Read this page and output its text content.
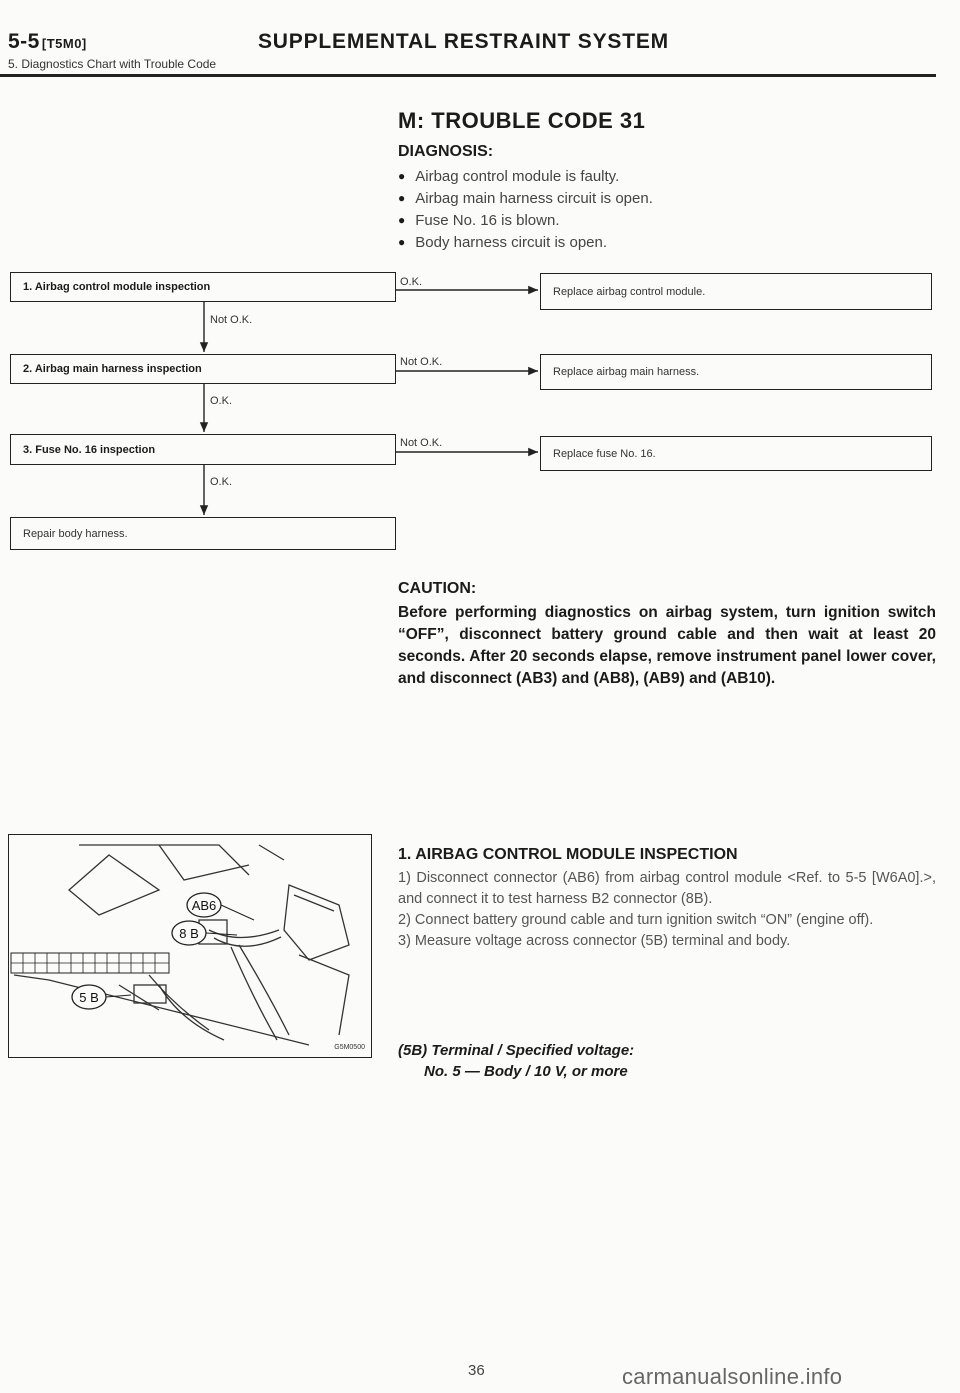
5-5 [T5M0]	SUPPLEMENTAL RESTRAINT SYSTEM
5. Diagnostics Chart with Trouble Code
M: TROUBLE CODE 31
DIAGNOSIS:
● Airbag control module is faulty.
● Airbag main harness circuit is open.
● Fuse No. 16 is blown.
● Body harness circuit is open.
1. Airbag control module inspection
2. Airbag main harness inspection
3. Fuse No. 16 inspection
Repair body harness.
Not O.K.
O.K.
O.K.
O.K.
Not O.K.
Not O.K.
Replace airbag control module.
Replace airbag main harness.
Replace fuse No. 16.
CAUTION:

Before performing diagnostics on airbag system, turn ignition switch “OFF”, disconnect battery ground cable and then wait at least 20 seconds. After 20 seconds elapse, remove instrument panel lower cover, and disconnect (AB3) and (AB8), (AB9) and (AB10).

AB6
8 B
5 B
G5M0500
1. AIRBAG CONTROL MODULE INSPECTION

1) Disconnect connector (AB6) from airbag control module <Ref. to 5-5 [W6A0].>, and connect it to test harness B2 connector (8B).

2) Connect battery ground cable and turn ignition switch “ON” (engine off).

3) Measure voltage across connector (5B) terminal and body.

(5B) Terminal / Specified voltage:
No. 5 — Body / 10 V, or more
36	carmanualsonline.info
